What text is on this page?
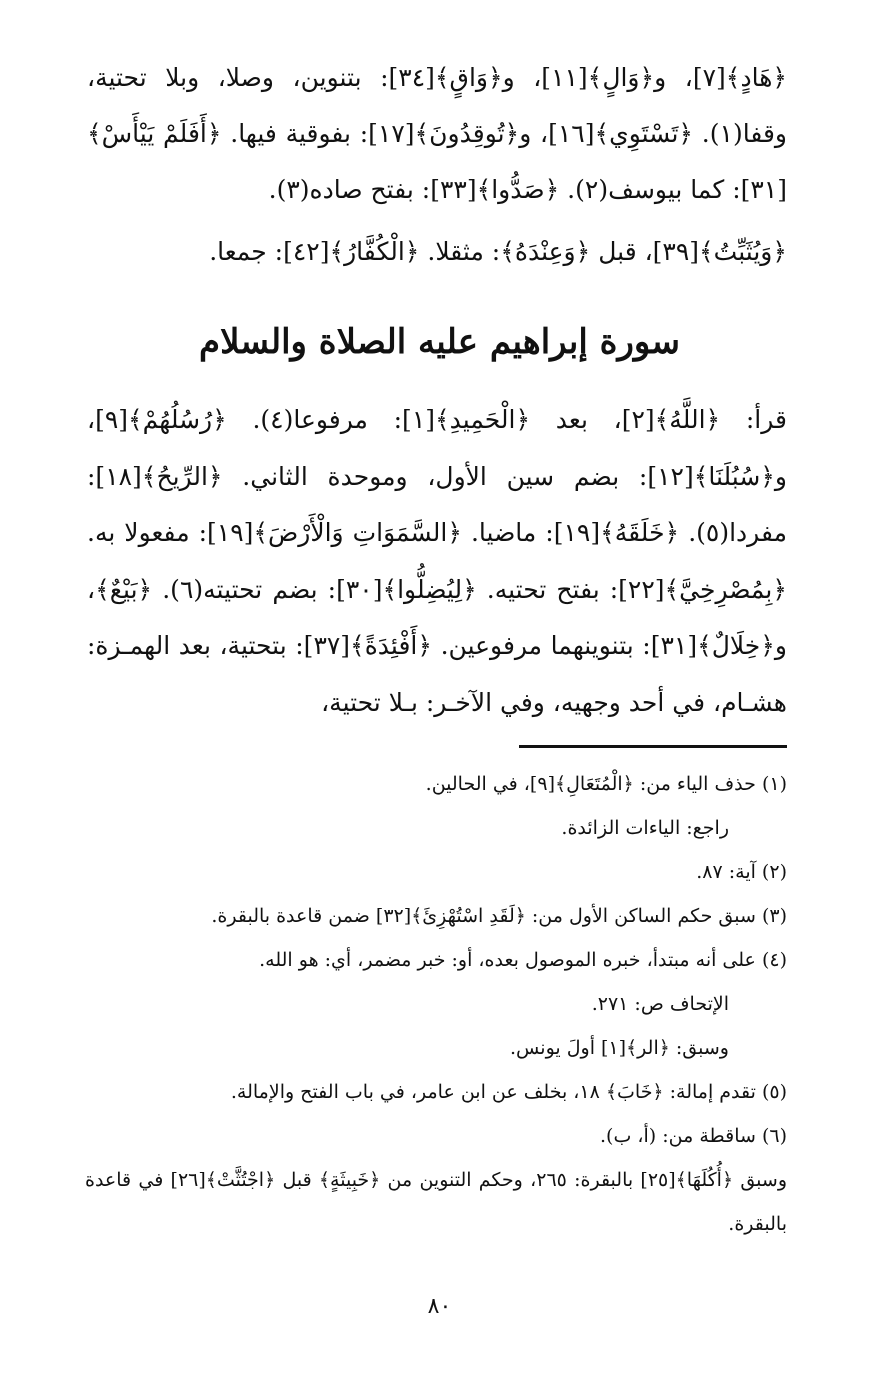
﴿هَادٍ﴾[٧]، و﴿وَالٍ﴾[١١]، و﴿وَاقٍ﴾[٣٤]: بتنوين، وصلا، وبلا تحتية، وقفا(١). ﴿تَسْتَوِي﴾[١٦]، و﴿تُوقِدُونَ﴾[١٧]: بفوقية فيها. ﴿أَفَلَمْ يَيْأَسْ﴾[٣١]: كما بيوسف(٢). ﴿صَدُّوا﴾[٣٣]: بفتح صاده(٣).

﴿وَيُثَبِّتُ﴾[٣٩]، قبل ﴿وَعِنْدَهُ﴾: مثقلا. ﴿الْكُفَّارُ﴾[٤٢]: جمعا.

سورة إبراهيم عليه الصلاة والسلام

قرأ: ﴿اللَّهُ﴾[٢]، بعد ﴿الْحَمِيدِ﴾[١]: مرفوعا(٤). ﴿رُسُلُهُمْ﴾[٩]، و﴿سُبُلَنَا﴾[١٢]: بضم سين الأول، وموحدة الثاني. ﴿الرِّيحُ﴾[١٨]: مفردا(٥). ﴿خَلَقَهُ﴾[١٩]: ماضيا. ﴿السَّمَوَاتِ وَالْأَرْضَ﴾[١٩]: مفعولا به. ﴿بِمُصْرِخِيَّ﴾[٢٢]: بفتح تحتيه. ﴿لِيُضِلُّوا﴾[٣٠]: بضم تحتيته(٦). ﴿بَيْعٌ﴾، و﴿خِلَالٌ﴾[٣١]: بتنوينهما مرفوعين. ﴿أَفْئِدَةً﴾[٣٧]: بتحتية، بعد الهمـزة: هشـام، في أحد وجهيه، وفي الآخـر: بـلا تحتية،

(١) حذف الياء من: ﴿الْمُتَعَالِ﴾[٩]، في الحالين.

راجع: الياءات الزائدة.

(٢) آية: ٨٧.

(٣) سبق حكم الساكن الأول من: ﴿لَقَدِ اسْتُهْزِئَ﴾[٣٢] ضمن قاعدة بالبقرة.

(٤) على أنه مبتدأ، خبره الموصول بعده، أو: خبر مضمر، أي: هو الله.

الإتحاف ص: ٢٧١.

وسبق: ﴿الر﴾[١] أولَ يونس.

(٥) تقدم إمالة: ﴿خَابَ﴾ ١٨، بخلف عن ابن عامر، في باب الفتح والإمالة.

(٦) ساقطة من: (أ، ب).

وسبق ﴿أُكُلَهَا﴾[٢٥] بالبقرة: ٢٦٥، وحكم التنوين من ﴿خَبِيثَةٍ﴾ قبل ﴿اجْتُثَّتْ﴾[٢٦] في قاعدة بالبقرة.

٨٠
